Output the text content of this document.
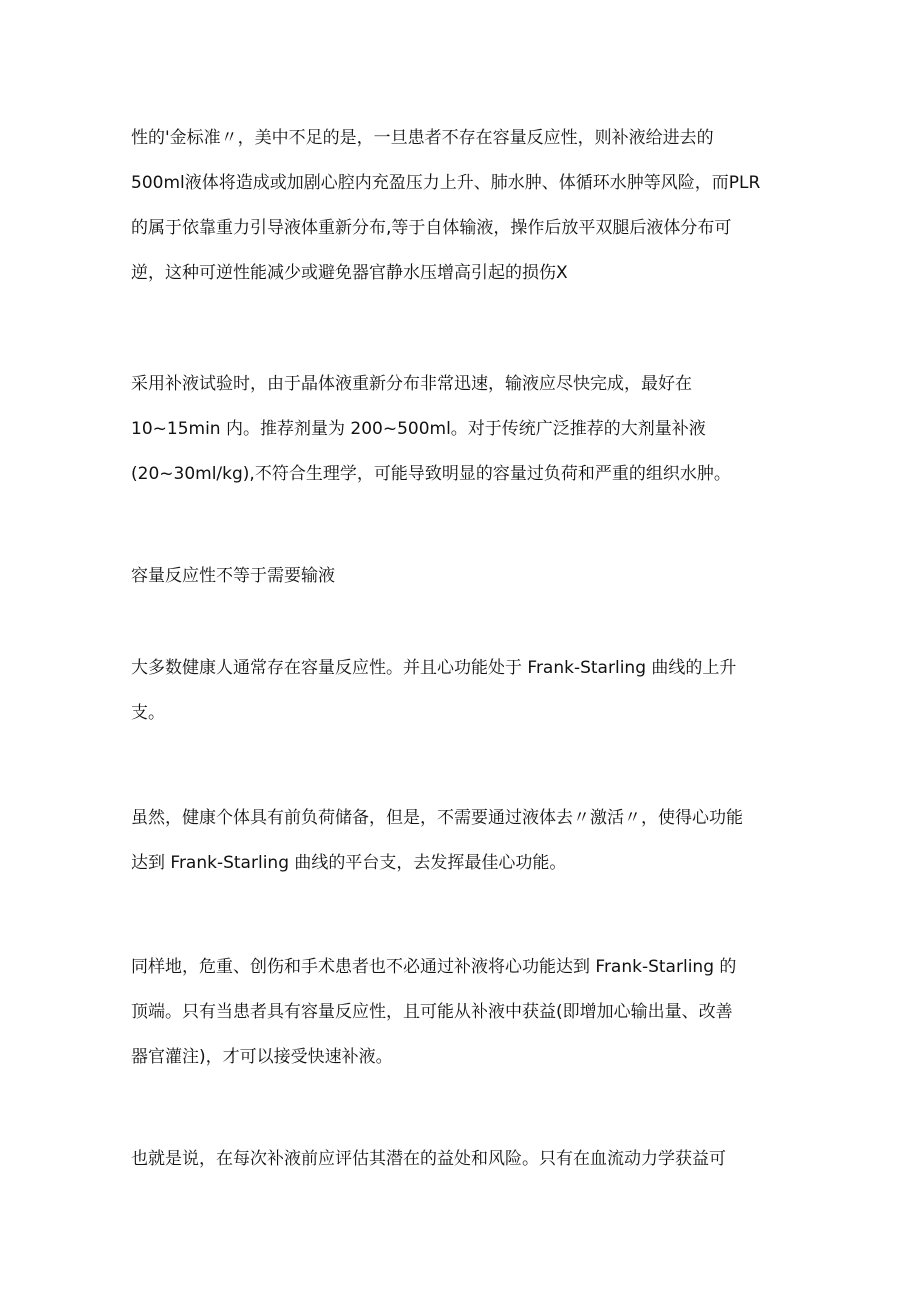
性的'金标准〃，美中不足的是，一旦患者不存在容量反应性，则补液给进去的
500ml液体将造成或加剧心腔内充盈压力上升、肺水肿、体循环水肿等风险，而PLR
的属于依靠重力引导液体重新分布,等于自体输液，操作后放平双腿后液体分布可
逆，这种可逆性能减少或避免器官静水压增高引起的损伤X

采用补液试验时，由于晶体液重新分布非常迅速，输液应尽快完成，最好在
10~15min 内。推荐剂量为 200~500ml。对于传统广泛推荐的大剂量补液
(20~30ml/kg),不符合生理学，可能导致明显的容量过负荷和严重的组织水肿。

容量反应性不等于需要输液

大多数健康人通常存在容量反应性。并且心功能处于 Frank-Starling 曲线的上升
支。

虽然，健康个体具有前负荷储备，但是，不需要通过液体去〃激活〃，使得心功能
达到 Frank-Starling 曲线的平台支，去发挥最佳心功能。

同样地，危重、创伤和手术患者也不必通过补液将心功能达到 Frank-Starling 的
顶端。只有当患者具有容量反应性，且可能从补液中获益(即增加心输出量、改善
器官灌注)，才可以接受快速补液。

也就是说，在每次补液前应评估其潜在的益处和风险。只有在血流动力学获益可
